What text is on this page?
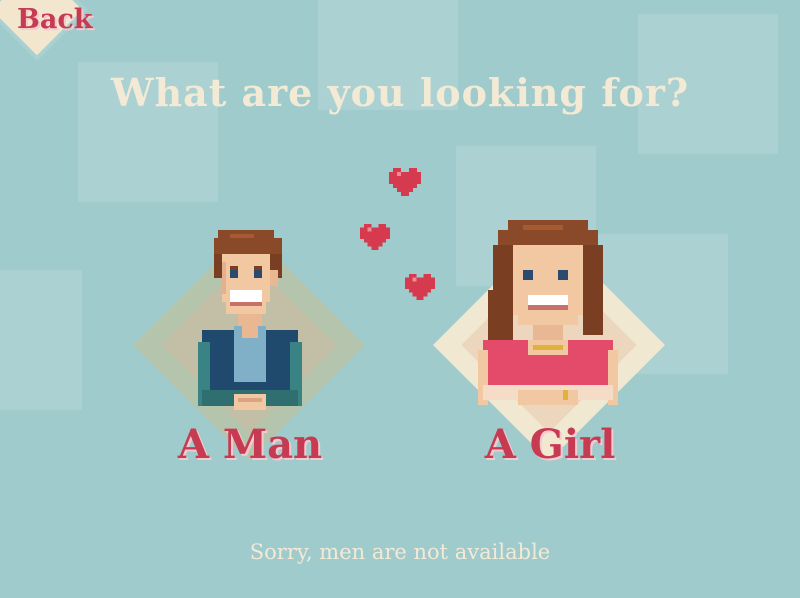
Back
What are you looking for?
A Man	A Girl
Sorry, men are not available
